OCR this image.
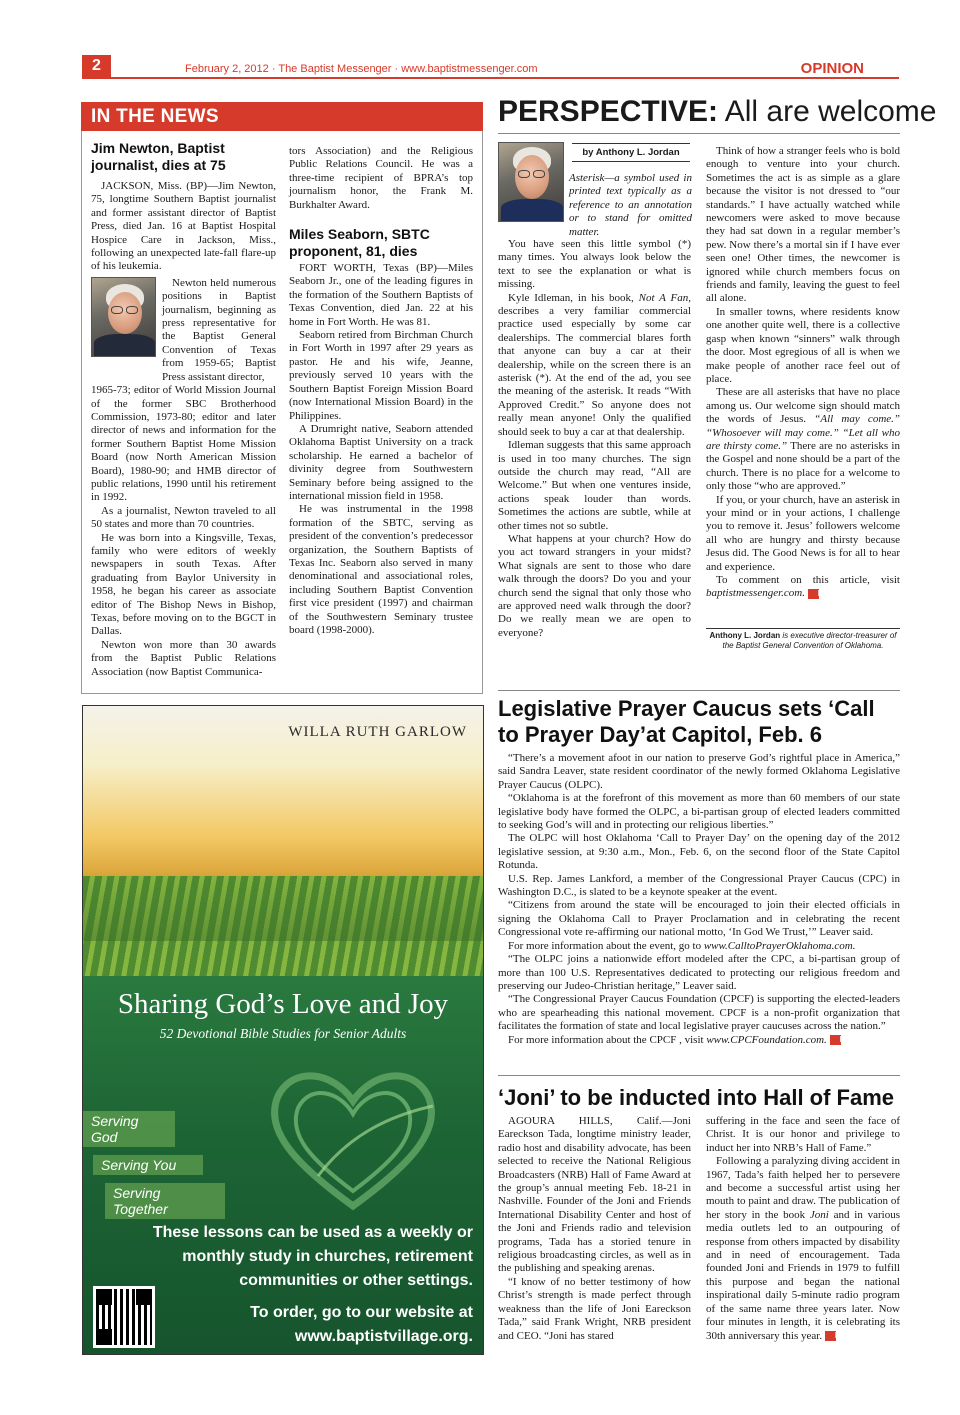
2	February 2, 2012 · The Baptist Messenger · www.baptistmessenger.com	OPINION
IN THE NEWS
Jim Newton, Baptist journalist, dies at 75

JACKSON, Miss. (BP)—Jim Newton, 75, longtime Southern Baptist journalist and former assistant director of Baptist Press, died Jan. 16 at Baptist Hospital Hospice Care in Jackson, Miss., following an unexpected late-fall flare-up of his leukemia.

Newton held numerous positions in Baptist journalism, beginning as press representative for the Baptist General Convention of Texas from 1959-65; Baptist Press assistant director,

1965-73; editor of World Mission Journal of the former SBC Brotherhood Commission, 1973-80; editor and later director of news and information for the former Southern Baptist Home Mission Board (now North American Mission Board), 1980-90; and HMB director of public relations, 1990 until his retirement in 1992.

As a journalist, Newton traveled to all 50 states and more than 70 countries.

He was born into a Kingsville, Texas, family who were editors of weekly newspapers in south Texas. After graduating from Baylor University in 1958, he began his career as associate editor of The Bishop News in Bishop, Texas, before moving on to the BGCT in Dallas.

Newton won more than 30 awards from the Baptist Public Relations Association (now Baptist Communica-

tors Association) and the Religious Public Relations Council. He was a three-time recipient of BPRA’s top journalism honor, the Frank M. Burkhalter Award.

Miles Seaborn, SBTC proponent, 81, dies

FORT WORTH, Texas (BP)—Miles Seaborn Jr., one of the leading figures in the formation of the Southern Baptists of Texas Convention, died Jan. 22 at his home in Fort Worth. He was 81.

Seaborn retired from Birchman Church in Fort Worth in 1997 after 29 years as pastor. He and his wife, Jeanne, previously served 10 years with the Southern Baptist Foreign Mission Board (now International Mission Board) in the Philippines.

A Drumright native, Seaborn attended Oklahoma Baptist University on a track scholarship. He earned a bachelor of divinity degree from Southwestern Seminary before being assigned to the international mission field in 1958.

He was instrumental in the 1998 formation of the SBTC, serving as president of the convention’s predecessor organization, the Southern Baptists of Texas Inc. Seaborn also served in many denominational and associational roles, including Southern Baptist Convention first vice president (1997) and chairman of the Southwestern Seminary trustee board (1998-2000).

PERSPECTIVE: All are welcome
by Anthony L. Jordan
Asterisk—a symbol used in printed text typically as a reference to an annotation or to stand for omitted matter.

You have seen this little symbol (*) many times. You always look below the text to see the explanation or what is missing.

Kyle Idleman, in his book, Not A Fan, describes a very familiar commercial practice used especially by some car dealerships. The commercial blares forth that anyone can buy a car at their dealership, while on the screen there is an asterisk (*). At the end of the ad, you see the meaning of the asterisk. It reads “With Approved Credit.” So anyone does not really mean anyone! Only the qualified should seek to buy a car at that dealership.

Idleman suggests that this same approach is used in too many churches. The sign outside the church may read, “All are Welcome.” But when one ventures inside, actions speak louder than words. Sometimes the actions are subtle, while at other times not so subtle.

What happens at your church? How do you act toward strangers in your midst? What signals are sent to those who dare walk through the doors? Do you and your church send the signal that only those who are approved need walk through the door? Do we really mean we are open to everyone?

Think of how a stranger feels who is bold enough to venture into your church. Sometimes the act is as simple as a glare because the visitor is not dressed to “our standards.” I have actually watched while newcomers were asked to move because they had sat down in a regular member’s pew. Now there’s a mortal sin if I have ever seen one! Other times, the newcomer is ignored while church members focus on friends and family, leaving the guest to feel all alone.

In smaller towns, where residents know one another quite well, there is a collective gasp when known “sinners” walk through the door. Most egregious of all is when we make people of another race feel out of place.

These are all asterisks that have no place among us. Our welcome sign should match the words of Jesus. “All may come.” “Whosoever will may come.” “Let all who are thirsty come.” There are no asterisks in the Gospel and none should be a part of the church. There is no place for a welcome to only those “who are approved.”

If you, or your church, have an asterisk in your mind or in your actions, I challenge you to remove it. Jesus’ followers welcome all who are hungry and thirsty because Jesus did. The Good News is for all to hear and experience.

To comment on this article, visit baptistmessenger.com. M

Anthony L. Jordan is executive director-treasurer of the Baptist General Convention of Oklahoma.
WILLA RUTH GARLOW
Sharing God’s Love and Joy
52 Devotional Bible Studies for Senior Adults
Serving God
Serving You
Serving Together
These lessons can be used as a weekly or monthly study in churches, retirement communities or other settings.
To order, go to our website at www.baptistvillage.org.
Legislative Prayer Caucus sets ‘Call to Prayer Day’at Capitol, Feb. 6

“There’s a movement afoot in our nation to preserve God’s rightful place in America,” said Sandra Leaver, state resident coordinator of the newly formed Oklahoma Legislative Prayer Caucus (OLPC).

“Oklahoma is at the forefront of this movement as more than 60 members of our state legislative body have formed the OLPC, a bi-partisan group of elected leaders committed to seeking God’s will and in protecting our religious liberties.”

The OLPC will host Oklahoma ‘Call to Prayer Day’ on the opening day of the 2012 legislative session, at 9:30 a.m., Mon., Feb. 6, on the second floor of the State Capitol Rotunda.

U.S. Rep. James Lankford, a member of the Congressional Prayer Caucus (CPC) in Washington D.C., is slated to be a keynote speaker at the event.

“Citizens from around the state will be encouraged to join their elected officials in signing the Oklahoma Call to Prayer Proclamation and in celebrating the recent Congressional vote re-affirming our national motto, ‘In God We Trust,’” Leaver said.

For more information about the event, go to www.CalltoPrayerOklahoma.com.

“The OLPC joins a nationwide effort modeled after the CPC, a bi-partisan group of more than 100 U.S. Representatives dedicated to protecting our religious freedom and preserving our Judeo-Christian heritage,” Leaver said.

“The Congressional Prayer Caucus Foundation (CPCF) is supporting the elected-leaders who are spearheading this national movement. CPCF is a non-profit organization that facilitates the formation of state and local legislative prayer caucuses across the nation.”

For more information about the CPCF , visit www.CPCFoundation.com. M

‘Joni’ to be inducted into Hall of Fame

AGOURA HILLS, Calif.—Joni Eareckson Tada, longtime ministry leader, radio host and disability advocate, has been selected to receive the National Religious Broadcasters (NRB) Hall of Fame Award at the group’s annual meeting Feb. 18-21 in Nashville. Founder of the Joni and Friends International Disability Center and host of the Joni and Friends radio and television programs, Tada has a storied tenure in religious broadcasting circles, as well as in the publishing and speaking arenas.

“I know of no better testimony of how Christ’s strength is made perfect through weakness than the life of Joni Eareckson Tada,” said Frank Wright, NRB president and CEO. “Joni has stared

suffering in the face and seen the face of Christ. It is our honor and privilege to induct her into NRB’s Hall of Fame.”

Following a paralyzing diving accident in 1967, Tada’s faith helped her to persevere and become a successful artist using her mouth to paint and draw. The publication of her story in the book Joni and in various media outlets led to an outpouring of response from others impacted by disability and in need of encouragement. Tada founded Joni and Friends in 1979 to fulfill this purpose and began the national inspirational daily 5-minute radio program of the same name three years later. Now four minutes in length, it is celebrating its 30th anniversary this year. M
